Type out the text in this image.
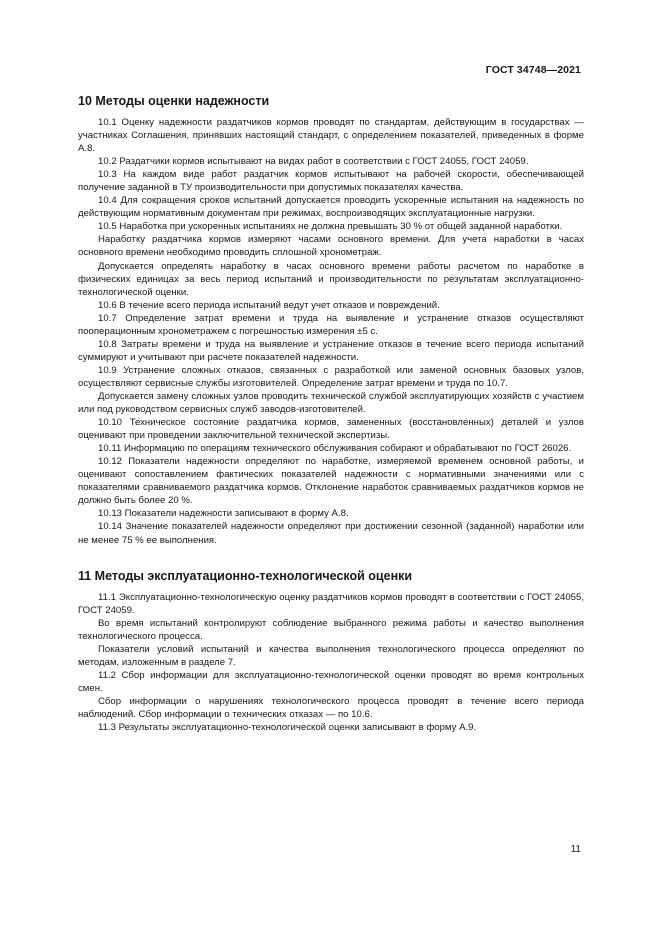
ГОСТ 34748—2021
10 Методы оценки надежности

10.1 Оценку надежности раздатчиков кормов проводят по стандартам, действующим в государствах — участниках Соглашения, принявших настоящий стандарт, с определением показателей, приведенных в форме А.8.

10.2 Раздатчики кормов испытывают на видах работ в соответствии с ГОСТ 24055, ГОСТ 24059.

10.3 На каждом виде работ раздатчик кормов испытывают на рабочей скорости, обеспечивающей получение заданной в ТУ производительности при допустимых показателях качества.

10.4 Для сокращения сроков испытаний допускается проводить ускоренные испытания на надежность по действующим нормативным документам при режимах, воспроизводящих эксплуатационные нагрузки.

10.5 Наработка при ускоренных испытаниях не должна превышать 30 % от общей заданной наработки.

Наработку раздатчика кормов измеряют часами основного времени. Для учета наработки в часах основного времени необходимо проводить сплошной хронометраж.

Допускается определять наработку в часах основного времени работы расчетом по наработке в физических единицах за весь период испытаний и производительности по результатам эксплуатационно-технологической оценки.

10.6 В течение всего периода испытаний ведут учет отказов и повреждений.

10.7 Определение затрат времени и труда на выявление и устранение отказов осуществляют пооперационным хронометражем с погрешностью измерения ±5 с.

10.8 Затраты времени и труда на выявление и устранение отказов в течение всего периода испытаний суммируют и учитывают при расчете показателей надежности.

10.9 Устранение сложных отказов, связанных с разработкой или заменой основных базовых узлов, осуществляют сервисные службы изготовителей. Определение затрат времени и труда по 10.7.

Допускается замену сложных узлов проводить технической службой эксплуатирующих хозяйств с участием или под руководством сервисных служб заводов-изготовителей.

10.10 Техническое состояние раздатчика кормов, замененных (восстановленных) деталей и узлов оценивают при проведении заключительной технической экспертизы.

10.11 Информацию по операциям технического обслуживания собирают и обрабатывают по ГОСТ 26026.

10.12 Показатели надежности определяют по наработке, измеряемой временем основной работы, и оценивают сопоставлением фактических показателей надежности с нормативными значениями или с показателями сравниваемого раздатчика кормов. Отклонение наработок сравниваемых раздатчиков кормов не должно быть более 20 %.

10.13 Показатели надежности записывают в форму А.8.

10.14 Значение показателей надежности определяют при достижении сезонной (заданной) наработки или не менее 75 % ее выполнения.

11 Методы эксплуатационно-технологической оценки

11.1 Эксплуатационно-технологическую оценку раздатчиков кормов проводят в соответствии с ГОСТ 24055, ГОСТ 24059.

Во время испытаний контролируют соблюдение выбранного режима работы и качество выполнения технологического процесса.

Показатели условий испытаний и качества выполнения технологического процесса определяют по методам, изложенным в разделе 7.

11.2 Сбор информации для эксплуатационно-технологической оценки проводят во время контрольных смен.

Сбор информации о нарушениях технологического процесса проводят в течение всего периода наблюдений. Сбор информации о технических отказах — по 10.6.

11.3 Результаты эксплуатационно-технологической оценки записывают в форму А.9.

11
